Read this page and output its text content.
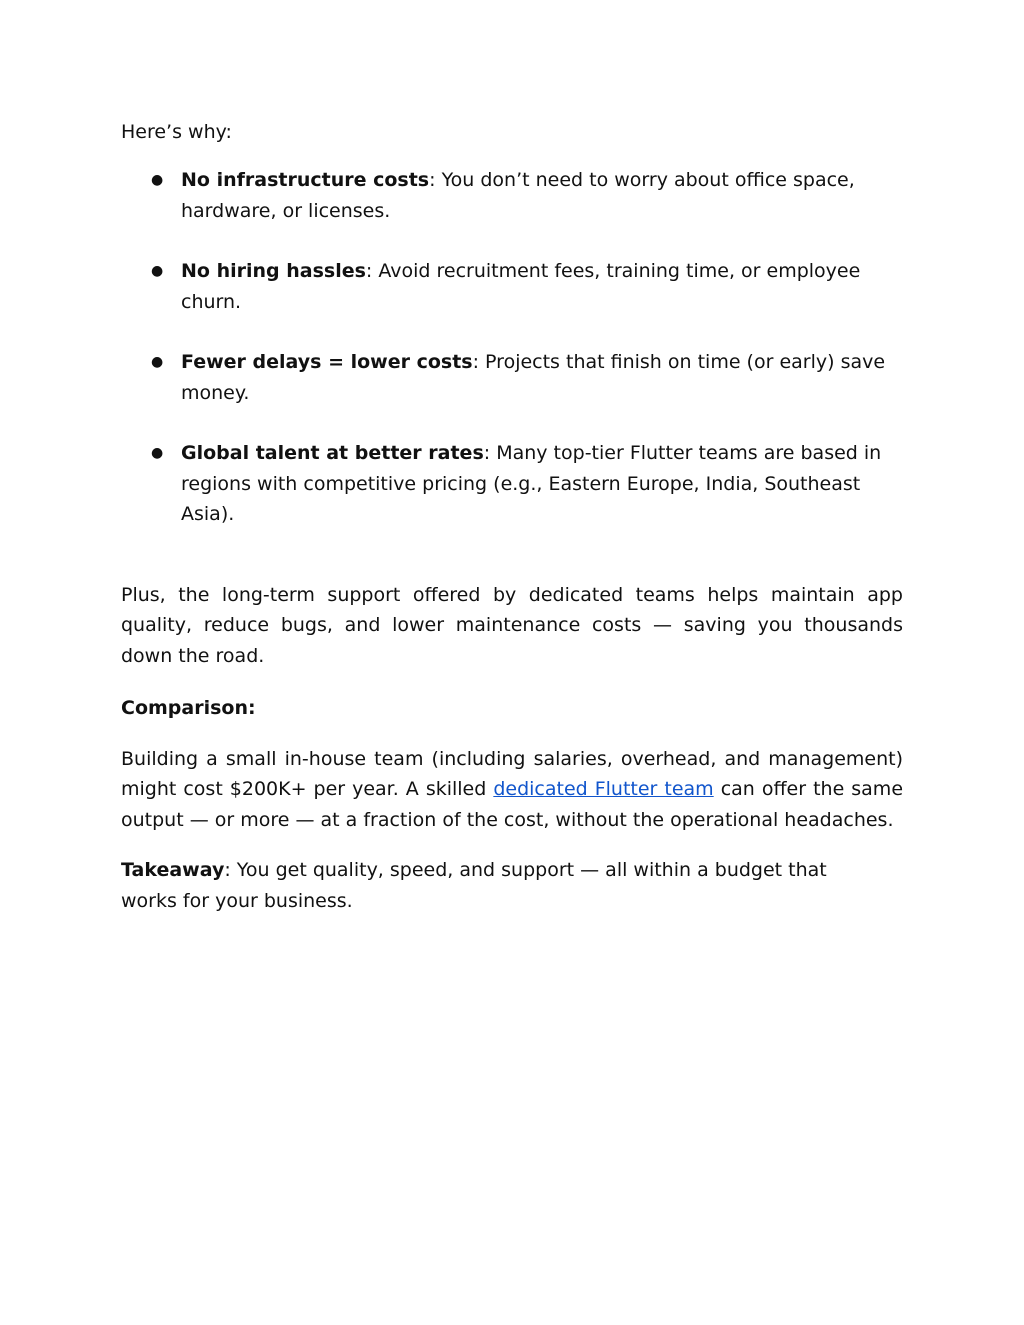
Here’s why:

● No infrastructure costs: You don’t need to worry about office space, hardware, or licenses.
● No hiring hassles: Avoid recruitment fees, training time, or employee churn.
● Fewer delays = lower costs: Projects that finish on time (or early) save money.
● Global talent at better rates: Many top-tier Flutter teams are based in regions with competitive pricing (e.g., Eastern Europe, India, Southeast Asia).

Plus, the long-term support offered by dedicated teams helps maintain app quality, reduce bugs, and lower maintenance costs — saving you thousands down the road.

Comparison:

Building a small in-house team (including salaries, overhead, and management) might cost $200K+ per year. A skilled dedicated Flutter team can offer the same output — or more — at a fraction of the cost, without the operational headaches.

Takeaway: You get quality, speed, and support — all within a budget that works for your business.
